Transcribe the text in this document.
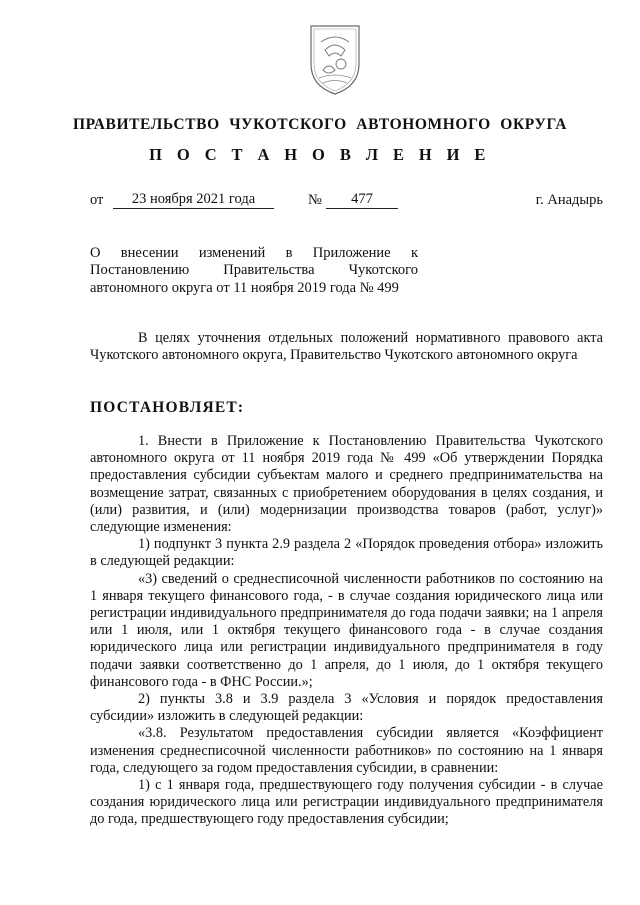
ПРАВИТЕЛЬСТВО ЧУКОТСКОГО АВТОНОМНОГО ОКРУГА
П О С Т А Н О В Л Е Н И Е
от	23 ноября 2021 года	№	477	г. Анадырь
О внесении изменений в Приложение к
Постановлению Правительства Чукотского
автономного округа от 11 ноября 2019 года № 499

В целях уточнения отдельных положений нормативного правового акта Чукотского автономного округа, Правительство Чукотского автономного округа

ПОСТАНОВЛЯЕТ:

1. Внести в Приложение к Постановлению Правительства Чукотского автономного округа от 11 ноября 2019 года № 499 «Об утверждении Порядка предоставления субсидии субъектам малого и среднего предпринимательства на возмещение затрат, связанных с приобретением оборудования в целях создания, и (или) развития, и (или) модернизации производства товаров (работ, услуг)» следующие изменения:

1) подпункт 3 пункта 2.9 раздела 2 «Порядок проведения отбора» изложить в следующей редакции:

«3) сведений о среднесписочной численности работников по состоянию на 1 января текущего финансового года, - в случае создания юридического лица или регистрации индивидуального предпринимателя до года подачи заявки; на 1 апреля или 1 июля, или 1 октября текущего финансового года - в случае создания юридического лица или регистрации индивидуального предпринимателя в году подачи заявки соответственно до 1 апреля, до 1 июля, до 1 октября текущего финансового года - в ФНС России.»;

2) пункты 3.8 и 3.9 раздела 3 «Условия и порядок предоставления субсидии» изложить в следующей редакции:

«3.8. Результатом предоставления субсидии является «Коэффициент изменения среднесписочной численности работников» по состоянию на 1 января года, следующего за годом предоставления субсидии, в сравнении:

1) с 1 января года, предшествующего году получения субсидии - в случае создания юридического лица или регистрации индивидуального предпринимателя до года, предшествующего году предоставления субсидии;
